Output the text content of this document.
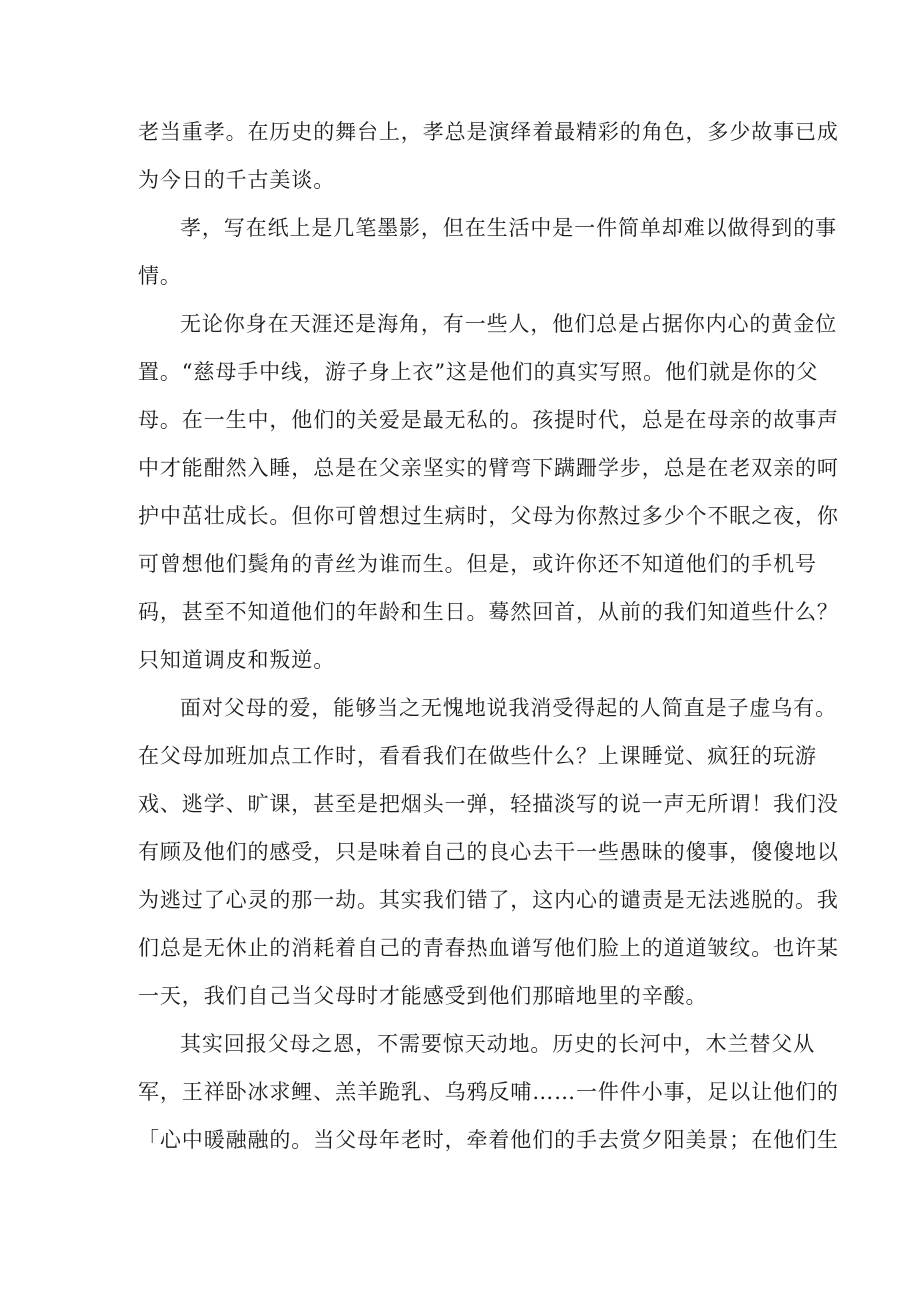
老当重孝。在历史的舞台上，孝总是演绎着最精彩的角色，多少故事已成
为今日的千古美谈。
孝，写在纸上是几笔墨影，但在生活中是一件简单却难以做得到的事
情。
无论你身在天涯还是海角，有一些人，他们总是占据你内心的黄金位
置。“慈母手中线，游子身上衣”这是他们的真实写照。他们就是你的父
母。在一生中，他们的关爱是最无私的。孩提时代，总是在母亲的故事声
中才能酣然入睡，总是在父亲坚实的臂弯下蹒跚学步，总是在老双亲的呵
护中茁壮成长。但你可曾想过生病时，父母为你熬过多少个不眠之夜，你
可曾想他们鬓角的青丝为谁而生。但是，或许你还不知道他们的手机号
码，甚至不知道他们的年龄和生日。蓦然回首，从前的我们知道些什么？
只知道调皮和叛逆。
面对父母的爱，能够当之无愧地说我消受得起的人简直是子虚乌有。
在父母加班加点工作时，看看我们在做些什么？上课睡觉、疯狂的玩游
戏、逃学、旷课，甚至是把烟头一弹，轻描淡写的说一声无所谓！我们没
有顾及他们的感受，只是味着自己的良心去干一些愚昧的傻事，傻傻地以
为逃过了心灵的那一劫。其实我们错了，这内心的谴责是无法逃脱的。我
们总是无休止的消耗着自己的青春热血谱写他们脸上的道道皱纹。也许某
一天，我们自己当父母时才能感受到他们那暗地里的辛酸。
其实回报父母之恩，不需要惊天动地。历史的长河中，木兰替父从
军，王祥卧冰求鲤、羔羊跪乳、乌鸦反哺……一件件小事，足以让他们的
「心中暖融融的。当父母年老时，牵着他们的手去赏夕阳美景；在他们生
